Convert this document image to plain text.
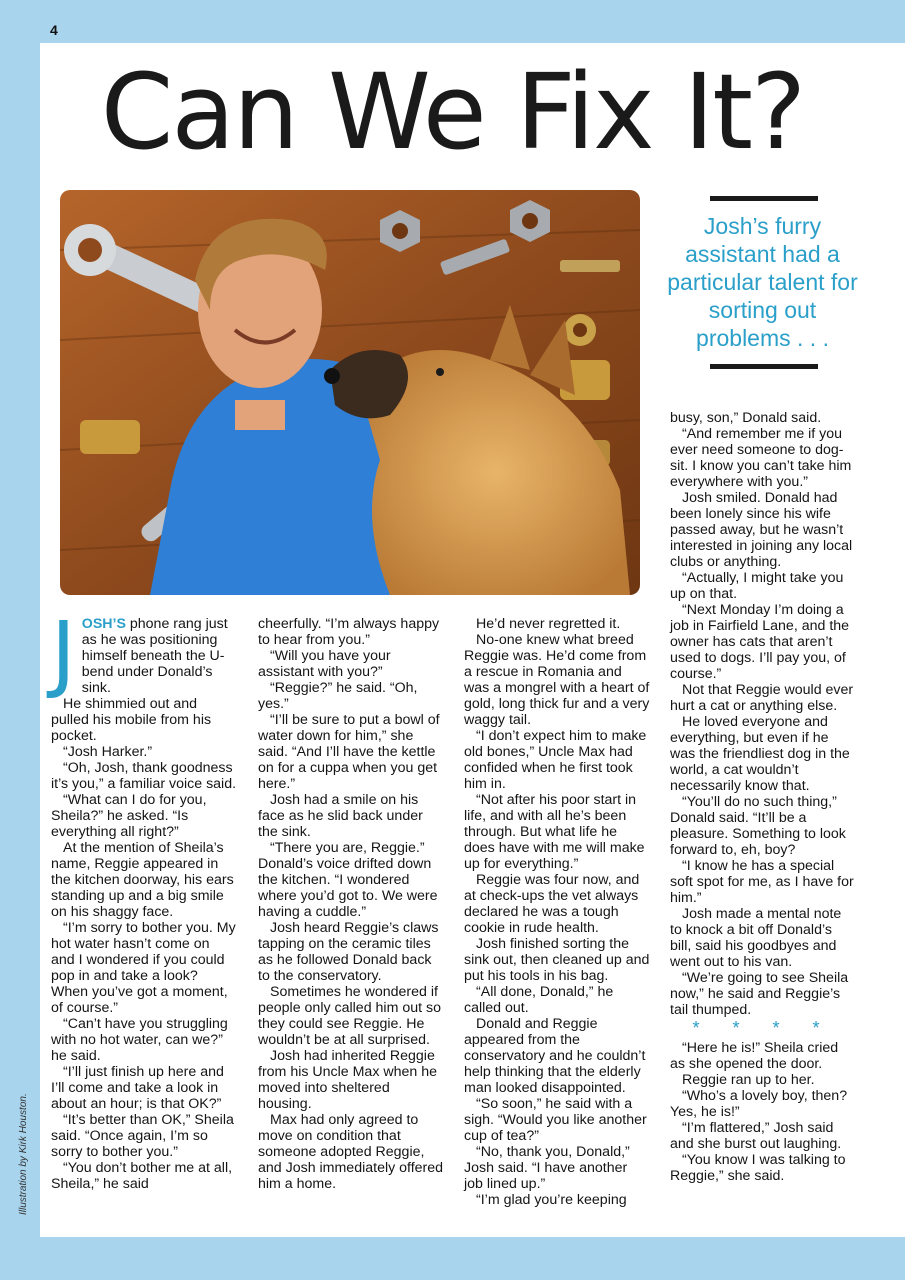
4
Can We Fix It?
Illustration by Kirk Houston.

Josh’s furry assistant had a particular talent for sorting out problems . . .

JOSH’S phone rang just as he was positioning himself beneath the U-bend under Donald’s sink.

He shimmied out and pulled his mobile from his pocket.

“Josh Harker.”

“Oh, Josh, thank goodness it’s you,” a familiar voice said.

“What can I do for you, Sheila?” he asked. “Is everything all right?”

At the mention of Sheila’s name, Reggie appeared in the kitchen doorway, his ears standing up and a big smile on his shaggy face.

“I’m sorry to bother you. My hot water hasn’t come on and I wondered if you could pop in and take a look? When you’ve got a moment, of course.”

“Can’t have you struggling with no hot water, can we?” he said.

“I’ll just finish up here and I’ll come and take a look in about an hour; is that OK?”

“It’s better than OK,” Sheila said. “Once again, I’m so sorry to bother you.”

“You don’t bother me at all, Sheila,” he said

cheerfully. “I’m always happy to hear from you.”

“Will you have your assistant with you?”

“Reggie?” he said. “Oh, yes.”

“I’ll be sure to put a bowl of water down for him,” she said. “And I’ll have the kettle on for a cuppa when you get here.”

Josh had a smile on his face as he slid back under the sink.

“There you are, Reggie.” Donald’s voice drifted down the kitchen. “I wondered where you’d got to. We were having a cuddle.”

Josh heard Reggie’s claws tapping on the ceramic tiles as he followed Donald back to the conservatory.

Sometimes he wondered if people only called him out so they could see Reggie. He wouldn’t be at all surprised.

Josh had inherited Reggie from his Uncle Max when he moved into sheltered housing.

Max had only agreed to move on condition that someone adopted Reggie, and Josh immediately offered him a home.

He’d never regretted it.

No-one knew what breed Reggie was. He’d come from a rescue in Romania and was a mongrel with a heart of gold, long thick fur and a very waggy tail.

“I don’t expect him to make old bones,” Uncle Max had confided when he first took him in.

“Not after his poor start in life, and with all he’s been through. But what life he does have with me will make up for everything.”

Reggie was four now, and at check-ups the vet always declared he was a tough cookie in rude health.

Josh finished sorting the sink out, then cleaned up and put his tools in his bag.

“All done, Donald,” he called out.

Donald and Reggie appeared from the conservatory and he couldn’t help thinking that the elderly man looked disappointed.

“So soon,” he said with a sigh. “Would you like another cup of tea?”

“No, thank you, Donald,” Josh said. “I have another job lined up.”

“I’m glad you’re keeping

busy, son,” Donald said.

“And remember me if you ever need someone to dog-sit. I know you can’t take him everywhere with you.”

Josh smiled. Donald had been lonely since his wife passed away, but he wasn’t interested in joining any local clubs or anything.

“Actually, I might take you up on that.

“Next Monday I’m doing a job in Fairfield Lane, and the owner has cats that aren’t used to dogs. I’ll pay you, of course.”

Not that Reggie would ever hurt a cat or anything else.

He loved everyone and everything, but even if he was the friendliest dog in the world, a cat wouldn’t necessarily know that.

“You’ll do no such thing,” Donald said. “It’ll be a pleasure. Something to look forward to, eh, boy?

“I know he has a special soft spot for me, as I have for him.”

Josh made a mental note to knock a bit off Donald’s bill, said his goodbyes and went out to his van.

“We’re going to see Sheila now,” he said and Reggie’s tail thumped.

* * * *

“Here he is!” Sheila cried as she opened the door.

Reggie ran up to her.

“Who’s a lovely boy, then? Yes, he is!”

“I’m flattered,” Josh said and she burst out laughing.

“You know I was talking to Reggie,” she said.
